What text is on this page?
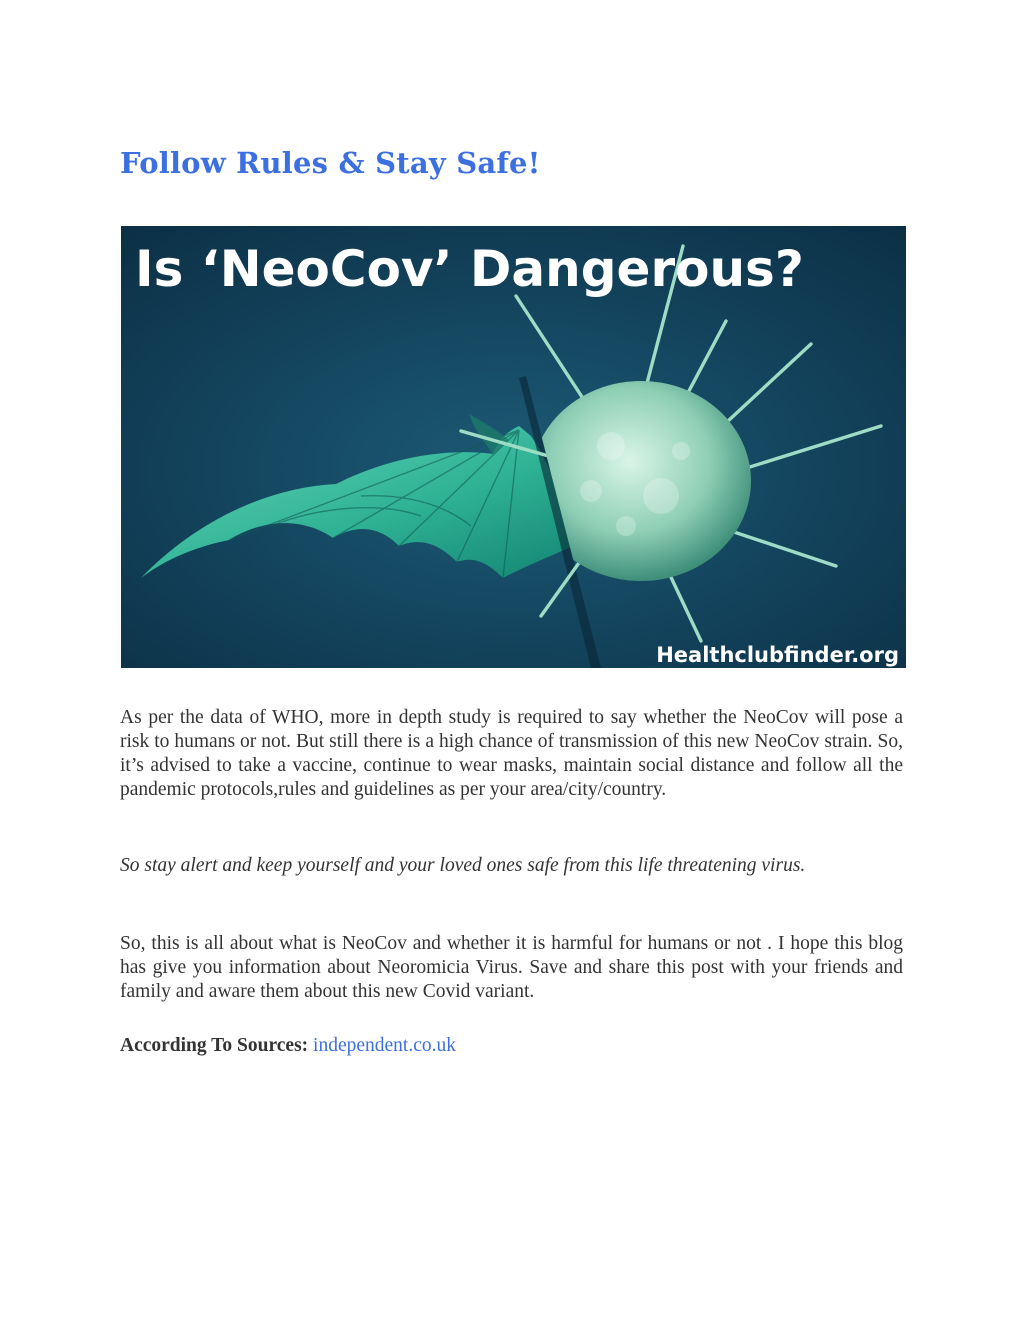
Follow Rules & Stay Safe!
Is ‘NeoCov’ Dangerous?
Healthclubfinder.org

As per the data of WHO, more in depth study is required to say whether the NeoCov will pose a risk to humans or not. But still there is a high chance of transmission of this new NeoCov strain. So, it’s advised to take a vaccine, continue to wear masks, maintain social distance and follow all the pandemic protocols,rules and guidelines as per your area/city/country.

So stay alert and keep yourself and your loved ones safe from this life threatening virus.

So, this is all about what is NeoCov and whether it is harmful for humans or not . I hope this blog has give you information about Neoromicia Virus. Save and share this post with your friends and family and aware them about this new Covid variant.

According To Sources: independent.co.uk
